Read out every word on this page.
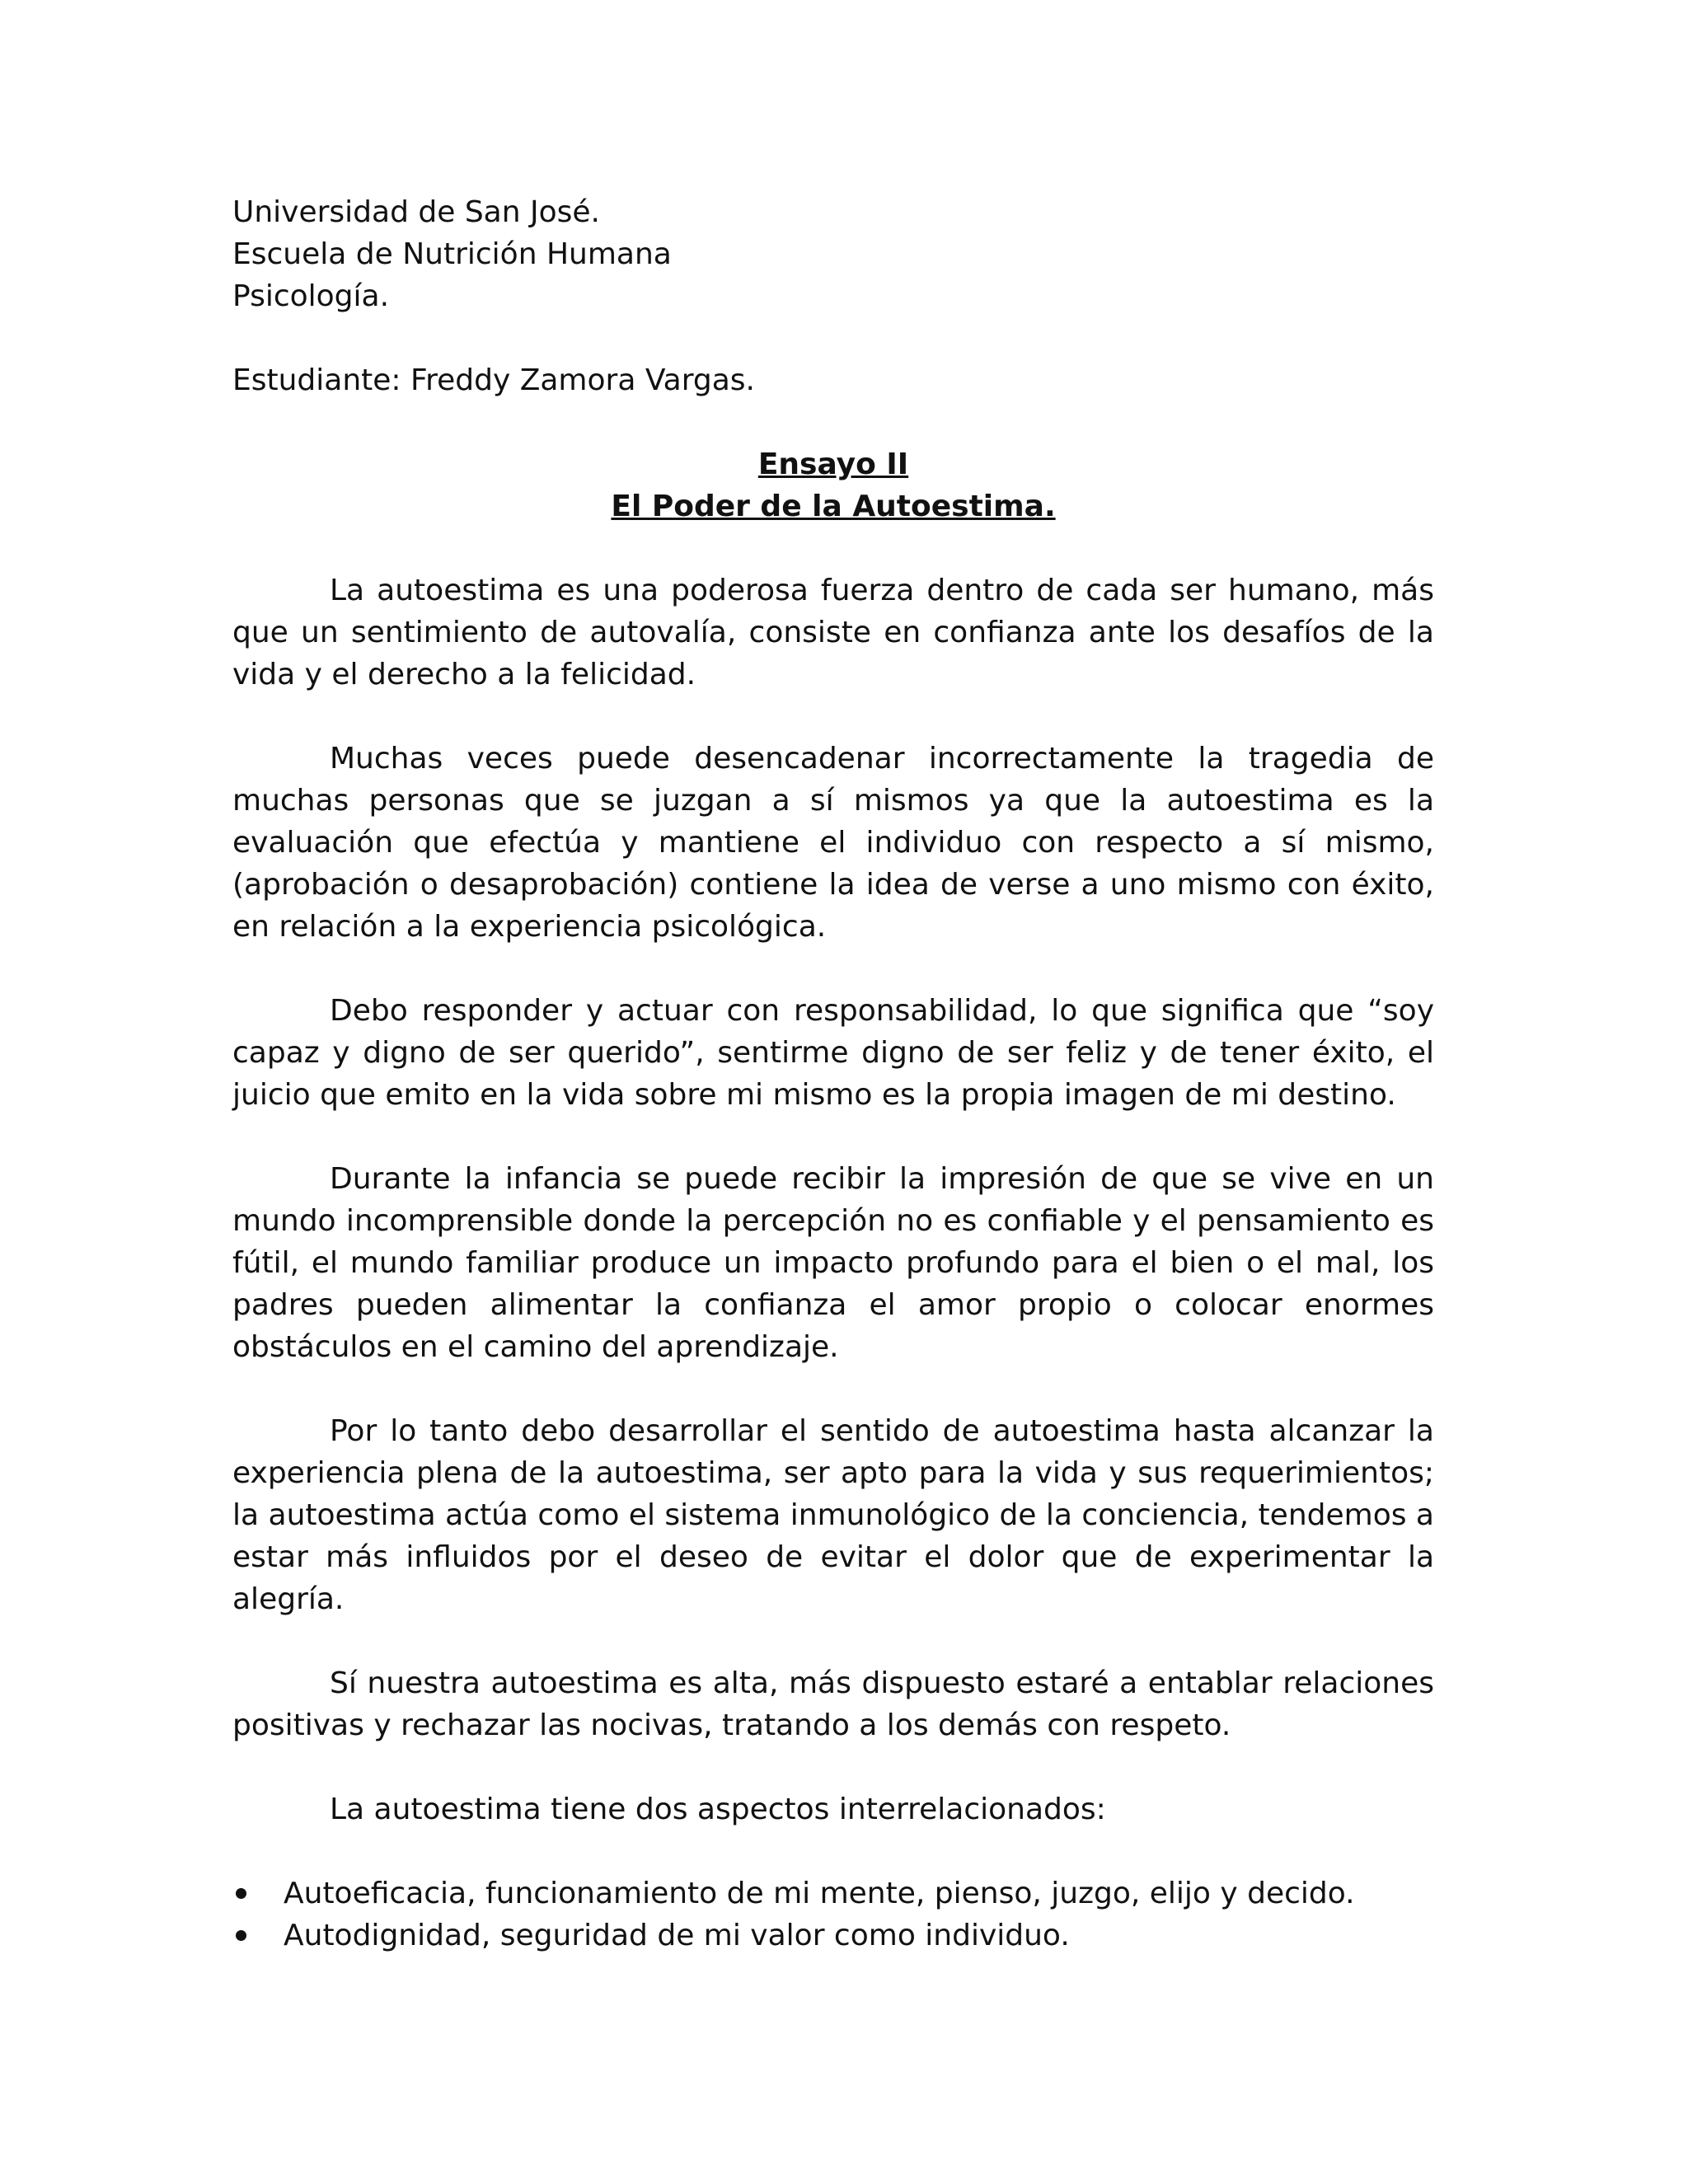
Universidad de San José.
Escuela de Nutrición Humana
Psicología.
Estudiante: Freddy Zamora Vargas.
Ensayo II
El Poder de la Autoestima.

La autoestima es una poderosa fuerza dentro de cada ser humano, más que un sentimiento de autovalía, consiste en confianza ante los desafíos de la vida y el derecho a la felicidad.

Muchas veces puede desencadenar incorrectamente la tragedia de muchas personas que se juzgan a sí mismos ya que la autoestima es la evaluación que efectúa y mantiene el individuo con respecto a sí mismo, (aprobación o desaprobación) contiene la idea de verse a uno mismo con éxito, en relación a la experiencia psicológica.

Debo responder y actuar con responsabilidad, lo que significa que “soy capaz y digno de ser querido”, sentirme digno de ser feliz y de tener éxito, el juicio que emito en la vida sobre mi mismo es la propia imagen de mi destino.

Durante la infancia se puede recibir la impresión de que se vive en un mundo incomprensible donde la percepción no es confiable y el pensamiento es fútil, el mundo familiar produce un impacto profundo para el bien o el mal, los padres pueden alimentar la confianza el amor propio o colocar enormes obstáculos en el camino del aprendizaje.

Por lo tanto debo desarrollar el sentido de autoestima hasta alcanzar la experiencia plena de la autoestima, ser apto para la vida y sus requerimientos; la autoestima actúa como el sistema inmunológico de la conciencia, tendemos a estar más influidos por el deseo de evitar el dolor que de experimentar la alegría.

Sí nuestra autoestima es alta, más dispuesto estaré a entablar relaciones positivas y rechazar las nocivas, tratando a los demás con respeto.

La autoestima tiene dos aspectos interrelacionados:

Autoeficacia, funcionamiento de mi mente, pienso, juzgo, elijo y decido.
Autodignidad, seguridad de mi valor como individuo.
